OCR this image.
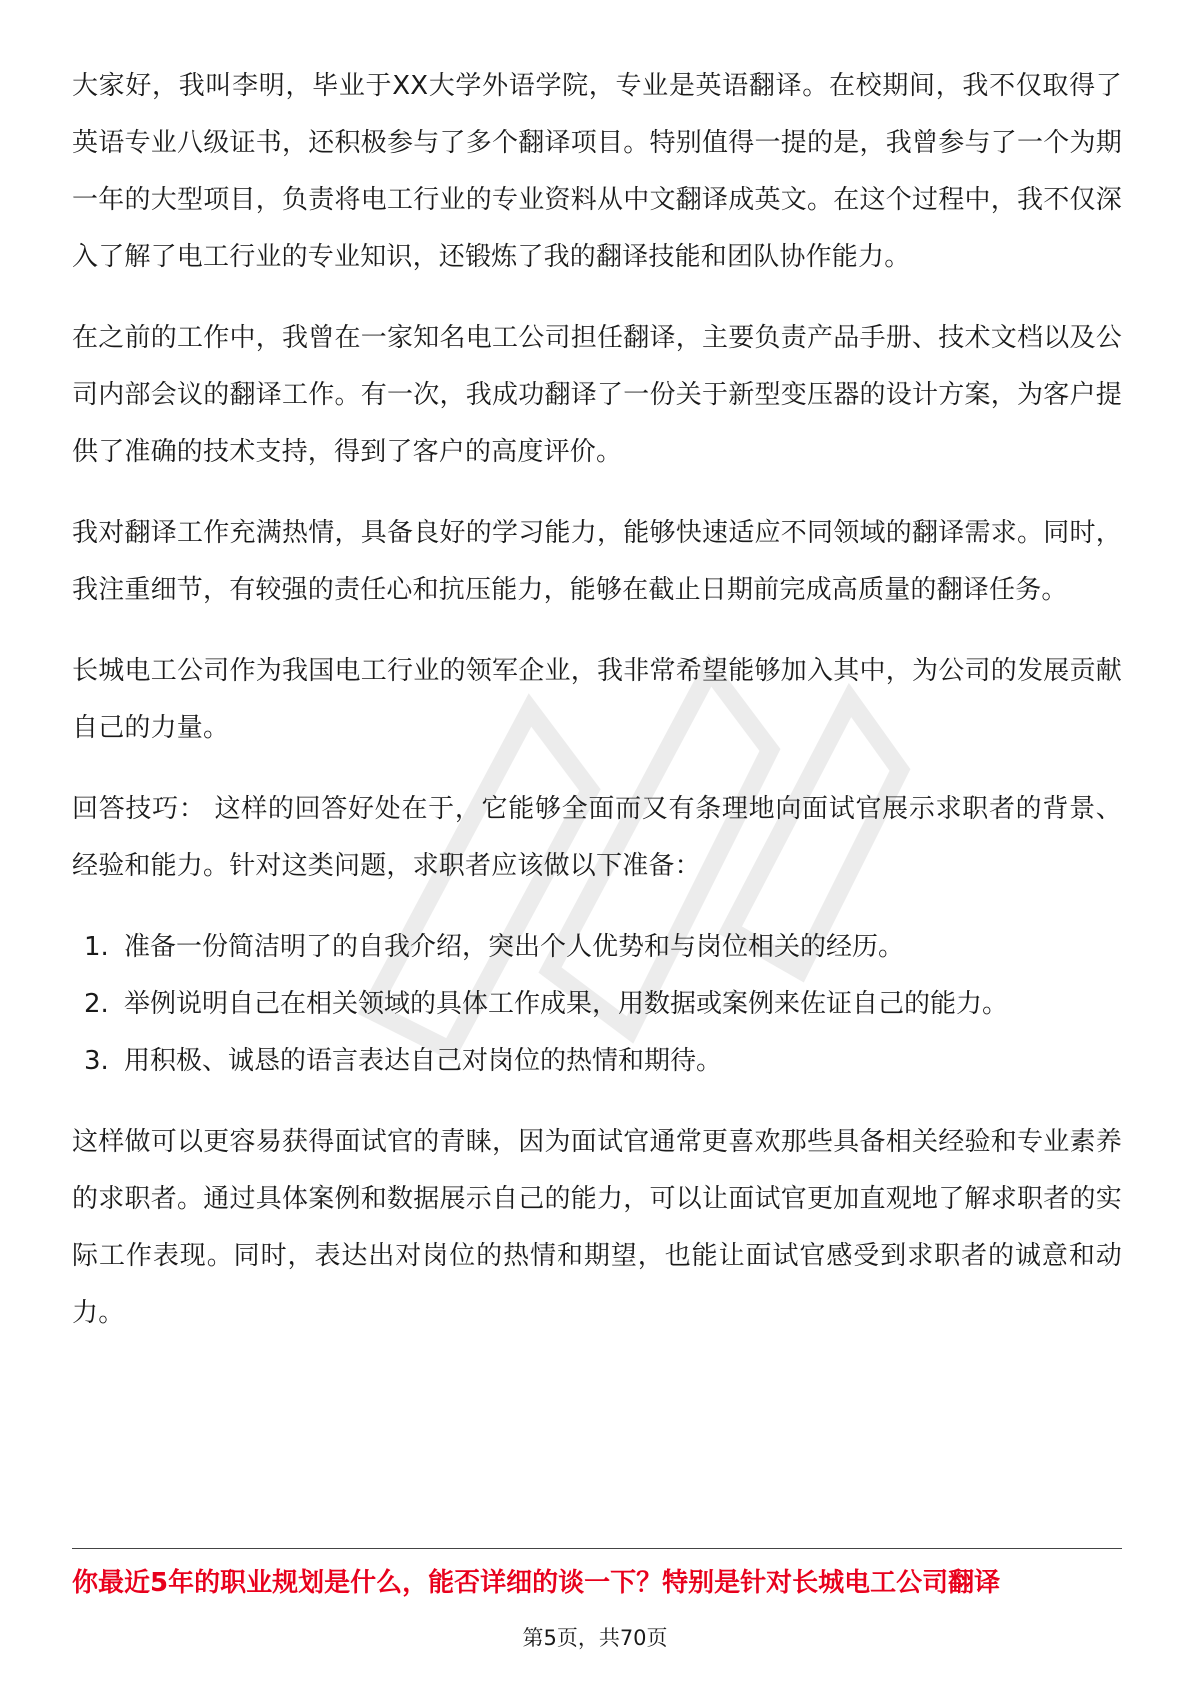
大家好，我叫李明，毕业于XX大学外语学院，专业是英语翻译。在校期间，我不仅取得了英语专业八级证书，还积极参与了多个翻译项目。特别值得一提的是，我曾参与了一个为期一年的大型项目，负责将电工行业的专业资料从中文翻译成英文。在这个过程中，我不仅深入了解了电工行业的专业知识，还锻炼了我的翻译技能和团队协作能力。

在之前的工作中，我曾在一家知名电工公司担任翻译，主要负责产品手册、技术文档以及公司内部会议的翻译工作。有一次，我成功翻译了一份关于新型变压器的设计方案，为客户提供了准确的技术支持，得到了客户的高度评价。

我对翻译工作充满热情，具备良好的学习能力，能够快速适应不同领域的翻译需求。同时，我注重细节，有较强的责任心和抗压能力，能够在截止日期前完成高质量的翻译任务。

长城电工公司作为我国电工行业的领军企业，我非常希望能够加入其中，为公司的发展贡献自己的力量。

回答技巧： 这样的回答好处在于，它能够全面而又有条理地向面试官展示求职者的背景、经验和能力。针对这类问题，求职者应该做以下准备：

1. 准备一份简洁明了的自我介绍，突出个人优势和与岗位相关的经历。
2. 举例说明自己在相关领域的具体工作成果，用数据或案例来佐证自己的能力。
3. 用积极、诚恳的语言表达自己对岗位的热情和期待。

这样做可以更容易获得面试官的青睐，因为面试官通常更喜欢那些具备相关经验和专业素养的求职者。通过具体案例和数据展示自己的能力，可以让面试官更加直观地了解求职者的实际工作表现。同时，表达出对岗位的热情和期望，也能让面试官感受到求职者的诚意和动力。

你最近5年的职业规划是什么，能否详细的谈一下？特别是针对长城电工公司翻译
第5页，共70页
